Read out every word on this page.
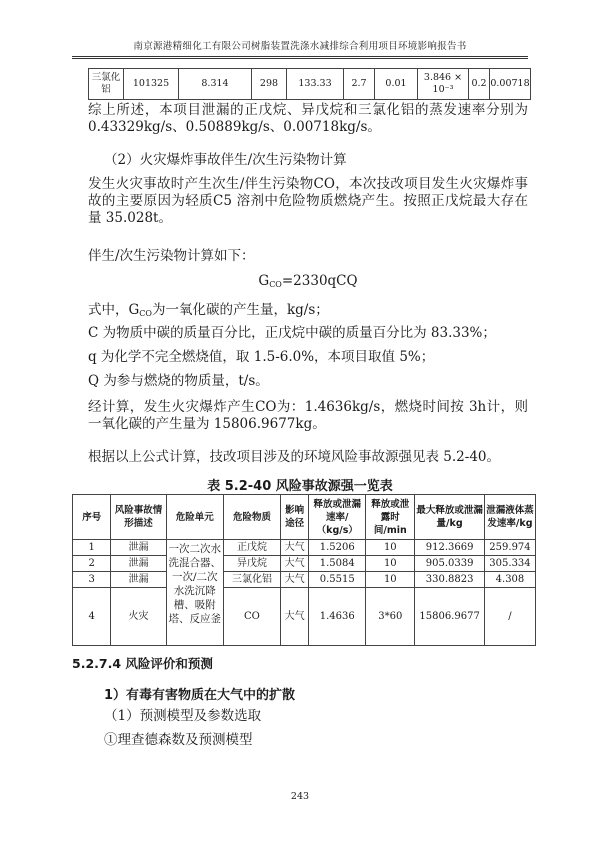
南京源港精细化工有限公司树脂装置洗涤水减排综合利用项目环境影响报告书
三氯化铝	101325	8.314	298	133.33	2.7	0.01	3.846 × 10⁻³	0.2	0.00718
综上所述，本项目泄漏的正戊烷、异戊烷和三氯化铝的蒸发速率分别为 0.43329kg/s、0.50889kg/s、0.00718kg/s。
（2）火灾爆炸事故伴生/次生污染物计算
发生火灾事故时产生次生/伴生污染物CO，本次技改项目发生火灾爆炸事故的主要原因为轻质C5 溶剂中危险物质燃烧产生。按照正戊烷最大存在量 35.028t。
伴生/次生污染物计算如下：
$G_{CO}=2330qCQ$
式中，$G_{CO}$为一氧化碳的产生量，kg/s；
C 为物质中碳的质量百分比，正戊烷中碳的质量百分比为 83.33%；
q 为化学不完全燃烧值，取 1.5-6.0%，本项目取值 5%；
Q 为参与燃烧的物质量，t/s。
经计算，发生火灾爆炸产生CO为：1.4636kg/s，燃烧时间按 3h计，则一氧化碳的产生量为 15806.9677kg。
根据以上公式计算，技改项目涉及的环境风险事故源强见表 5.2-40。
表 5.2-40 风险事故源强一览表
序号	风险事故情形描述	危险单元	危险物质	影响途径	释放或泄漏速率/（kg/s）	释放或泄露时间/min	最大释放或泄漏量/kg	泄漏液体蒸发速率/kg
1	泄漏	一次二次水洗混合器、一次/二次水洗沉降槽、吸附塔、反应釜	正戊烷	大气	1.5206	10	912.3669	259.974
2	泄漏		异戊烷	大气	1.5084	10	905.0339	305.334
3	泄漏		三氯化铝	大气	0.5515	10	330.8823	4.308
4	火灾		CO	大气	1.4636	3*60	15806.9677	/
5.2.7.4 风险评价和预测
1）有毒有害物质在大气中的扩散
（1）预测模型及参数选取
①理查德森数及预测模型
243
